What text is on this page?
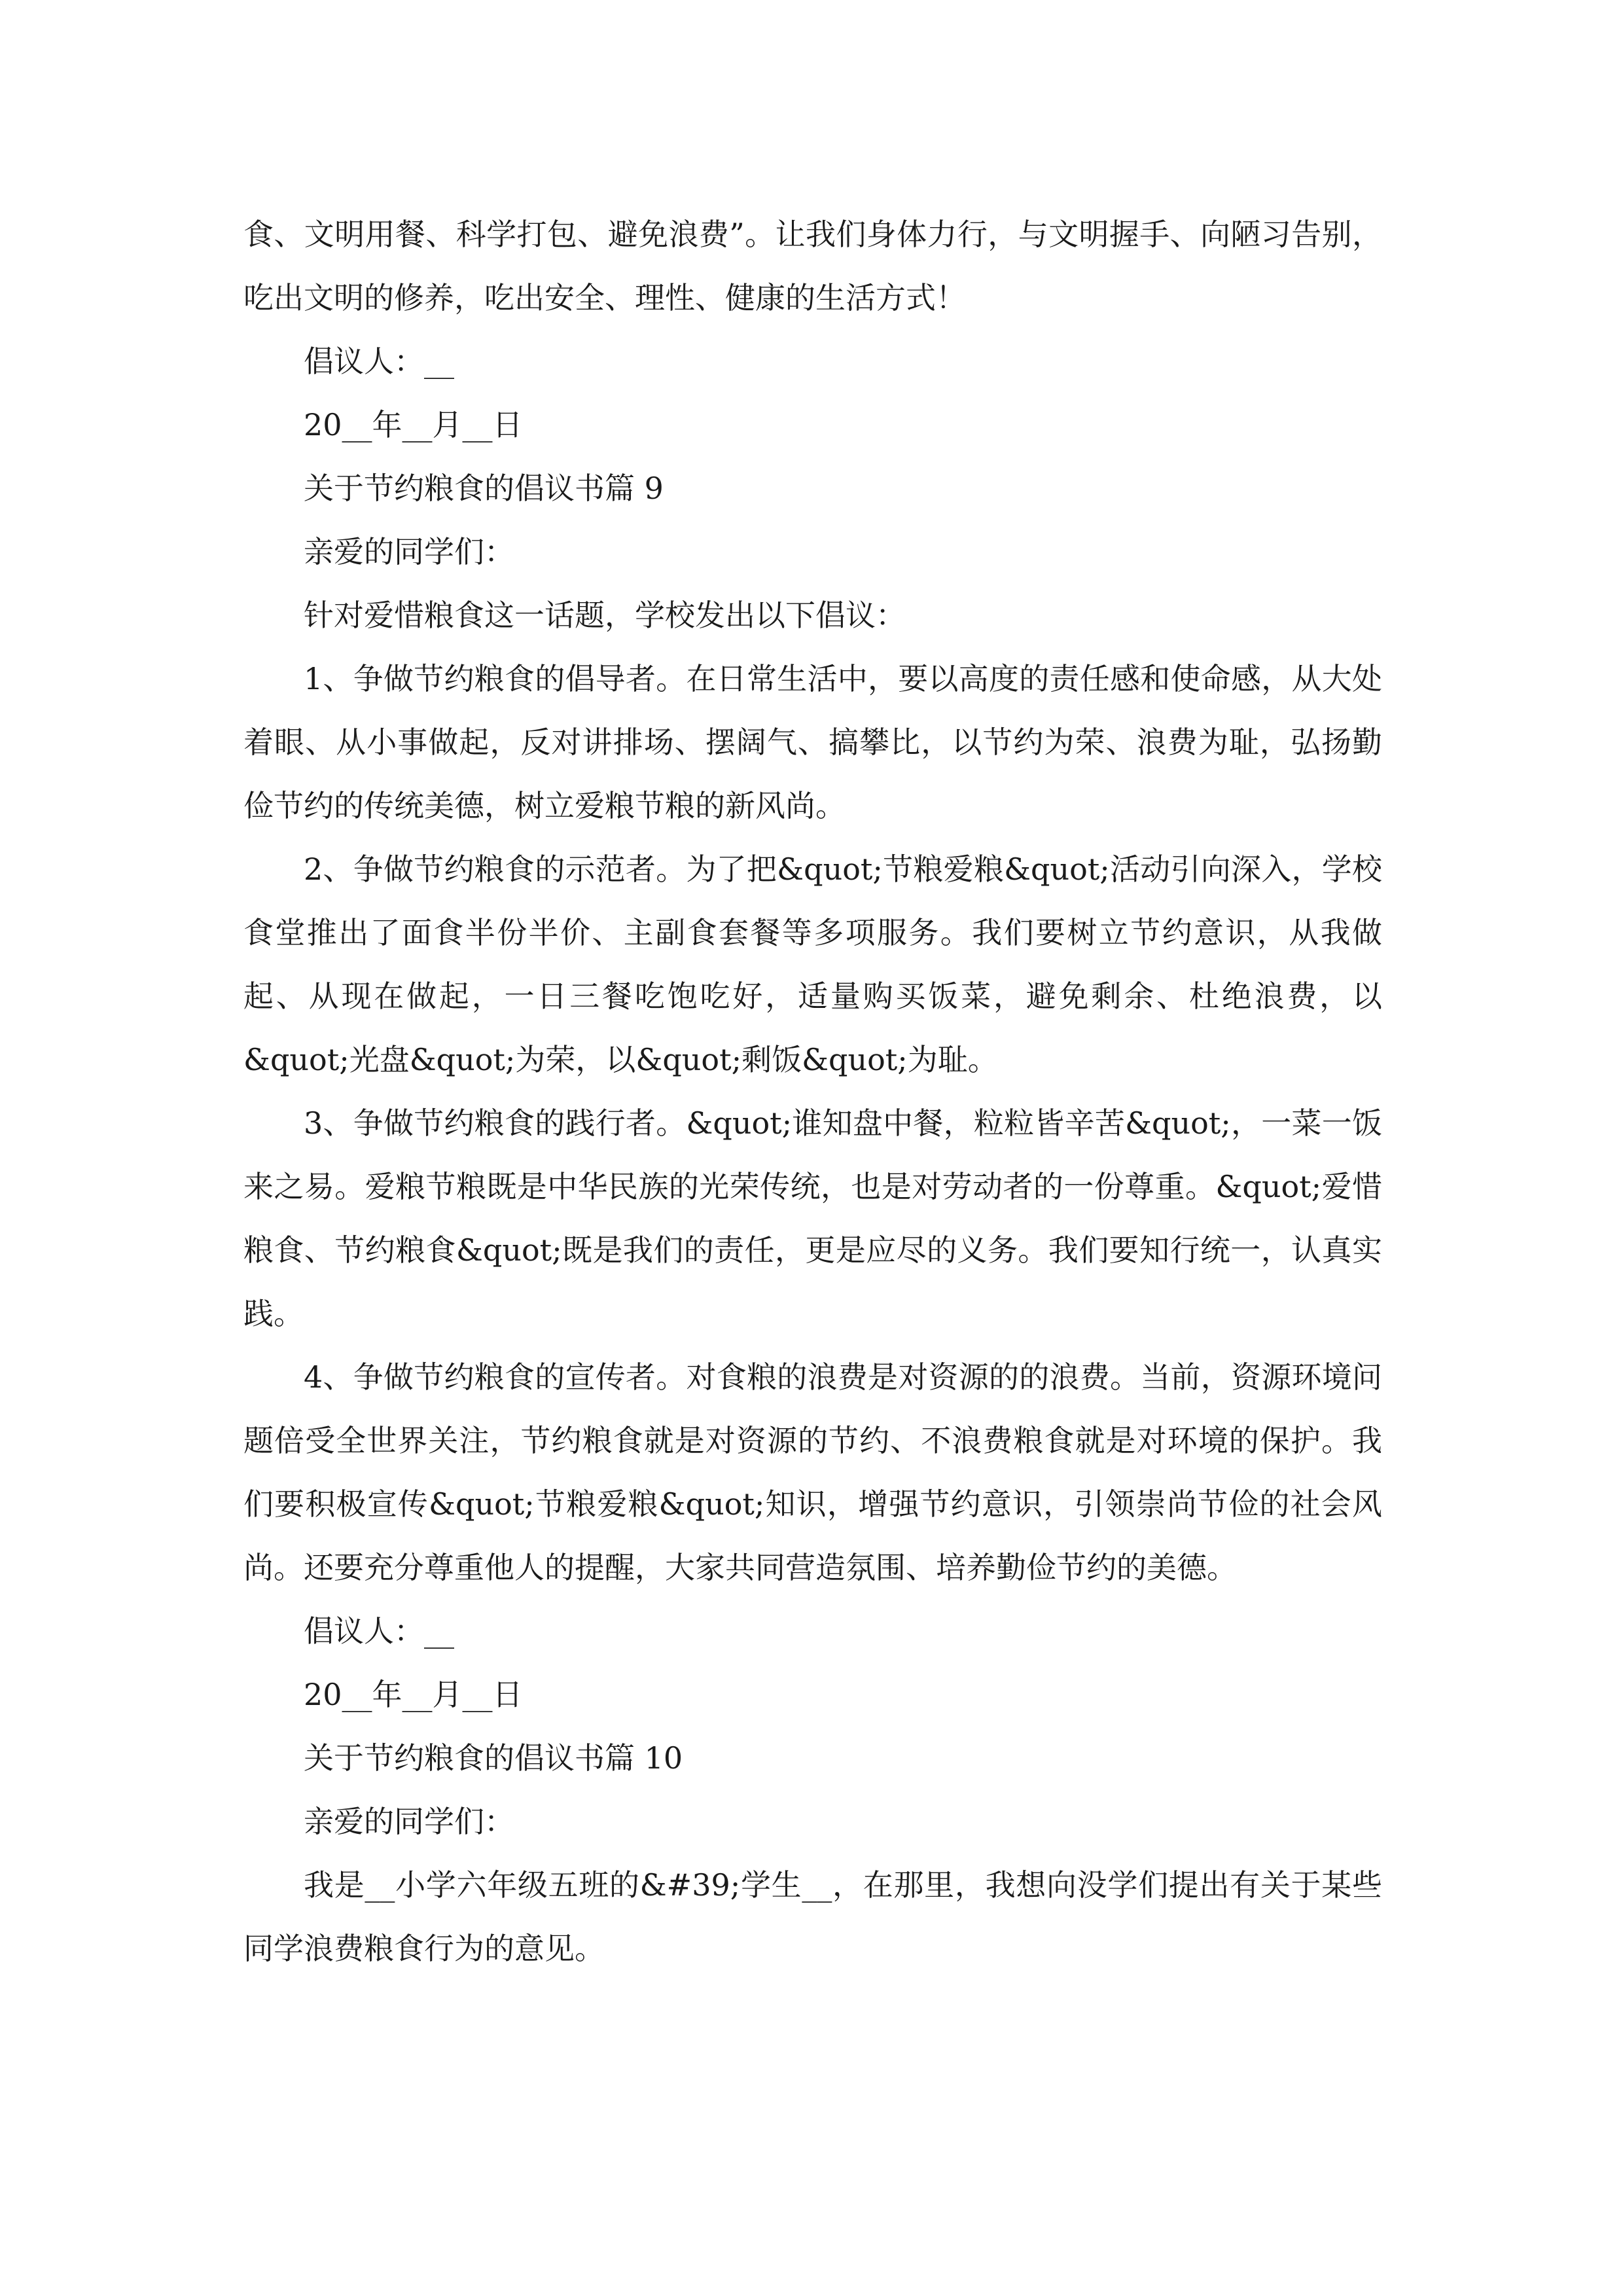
食、文明用餐、科学打包、避免浪费”。让我们身体力行，与文明握手、向陋习告别，吃出文明的修养，吃出安全、理性、健康的生活方式！

倡议人：__

20__年__月__日

关于节约粮食的倡议书篇 9

亲爱的同学们：

针对爱惜粮食这一话题，学校发出以下倡议：

1、争做节约粮食的倡导者。在日常生活中，要以高度的责任感和使命感，从大处着眼、从小事做起，反对讲排场、摆阔气、搞攀比，以节约为荣、浪费为耻，弘扬勤俭节约的传统美德，树立爱粮节粮的新风尚。

2、争做节约粮食的示范者。为了把&quot;节粮爱粮&quot;活动引向深入，学校食堂推出了面食半份半价、主副食套餐等多项服务。我们要树立节约意识，从我做起、从现在做起，一日三餐吃饱吃好，适量购买饭菜，避免剩余、杜绝浪费，以&quot;光盘&quot;为荣，以&quot;剩饭&quot;为耻。

3、争做节约粮食的践行者。&quot;谁知盘中餐，粒粒皆辛苦&quot;，一菜一饭来之易。爱粮节粮既是中华民族的光荣传统，也是对劳动者的一份尊重。&quot;爱惜粮食、节约粮食&quot;既是我们的责任，更是应尽的义务。我们要知行统一，认真实践。

4、争做节约粮食的宣传者。对食粮的浪费是对资源的的浪费。当前，资源环境问题倍受全世界关注，节约粮食就是对资源的节约、不浪费粮食就是对环境的保护。我们要积极宣传&quot;节粮爱粮&quot;知识，增强节约意识，引领崇尚节俭的社会风尚。还要充分尊重他人的提醒，大家共同营造氛围、培养勤俭节约的美德。

倡议人：__

20__年__月__日

关于节约粮食的倡议书篇 10

亲爱的同学们：

我是__小学六年级五班的&#39;学生__，在那里，我想向没学们提出有关于某些同学浪费粮食行为的意见。
